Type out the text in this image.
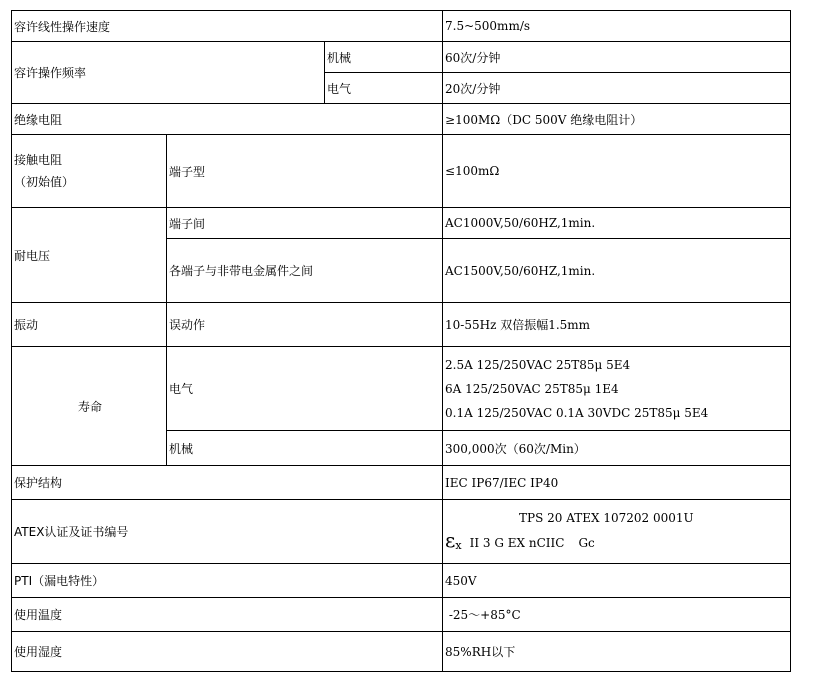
容许线性操作速度			7.5~500mm/s
容许操作频率		机械	60次/分钟
		电气	20次/分钟
绝缘电阻			≥100MΩ（DC 500V 绝缘电阻计）

接触电阻
（初始值）	端子型		≤100mΩ
耐电压	端子间		AC1000V,50/60HZ,1min.
	各端子与非带电金属件之间		AC1500V,50/60HZ,1min.
振动	误动作		10-55Hz 双倍振幅1.5mm
寿命	电气		2.5A 125/250VAC 25T85μ 5E4
6A 125/250VAC 25T85μ 1E4
0.1A 125/250VAC 0.1A 30VDC 25T85μ 5E4

	机械		300,000次（60次/Min）
保护结构			IEC IP67/IEC IP40
ATEX认证及证书编号			TPS 20 ATEX 107202 0001U
$\varepsilon_x$ II 3 G EX nCIIC Gc

PTI（漏电特性）			450V
使用温度			-25～+85°C
使用湿度			85%RH以下
